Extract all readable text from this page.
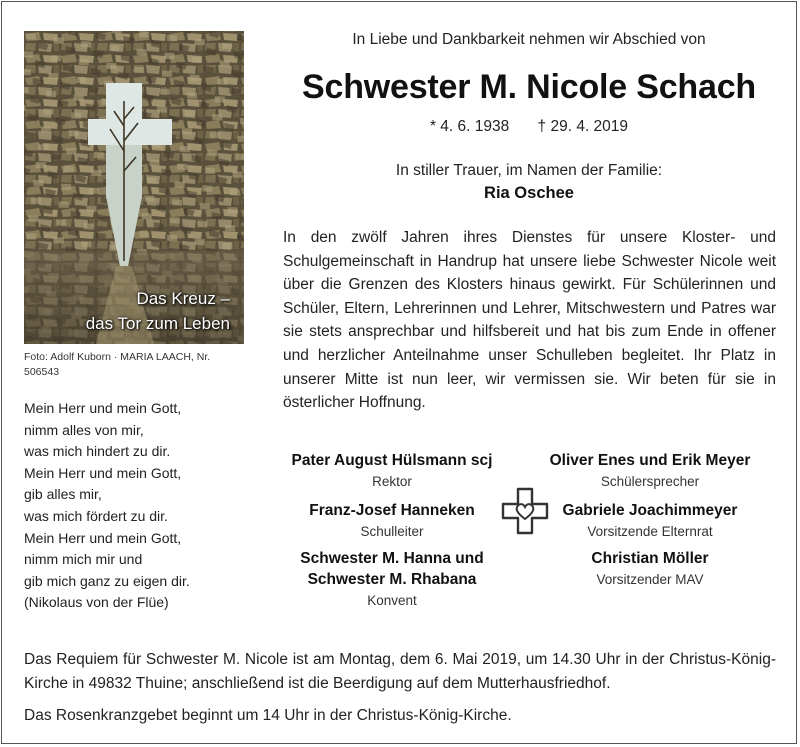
Das Kreuz –
das Tor zum Leben
Foto: Adolf Kuborn · MARIA LAACH, Nr. 506543
Mein Herr und mein Gott,
nimm alles von mir,
was mich hindert zu dir.
Mein Herr und mein Gott,
gib alles mir,
was mich fördert zu dir.
Mein Herr und mein Gott,
nimm mich mir und
gib mich ganz zu eigen dir.
(Nikolaus von der Flüe)
In Liebe und Dankbarkeit nehmen wir Abschied von
Schwester M. Nicole Schach
* 4. 6. 1938 † 29. 4. 2019
In stiller Trauer, im Namen der Familie:
Ria Oschee
In den zwölf Jahren ihres Dienstes für unsere Kloster- und Schulgemeinschaft in Handrup hat unsere liebe Schwester Nicole weit über die Grenzen des Klosters hinaus gewirkt. Für Schülerinnen und Schüler, Eltern, Lehrerinnen und Lehrer, Mitschwestern und Patres war sie stets ansprechbar und hilfsbereit und hat bis zum Ende in offener und herzlicher Anteilnahme unser Schulleben begleitet. Ihr Platz in unserer Mitte ist nun leer, wir vermissen sie. Wir beten für sie in österlicher Hoffnung.
Pater August Hülsmann scj
Rektor
Franz-Josef Hanneken
Schulleiter
Schwester M. Hanna und
Schwester M. Rhabana
Konvent
Oliver Enes und Erik Meyer
Schülersprecher
Gabriele Joachimmeyer
Vorsitzende Elternrat
Christian Möller
Vorsitzender MAV
Das Requiem für Schwester M. Nicole ist am Montag, dem 6. Mai 2019, um 14.30 Uhr in der Christus-König-Kirche in 49832 Thuine; anschließend ist die Beerdigung auf dem Mutterhausfriedhof.
Das Rosenkranzgebet beginnt um 14 Uhr in der Christus-König-Kirche.
